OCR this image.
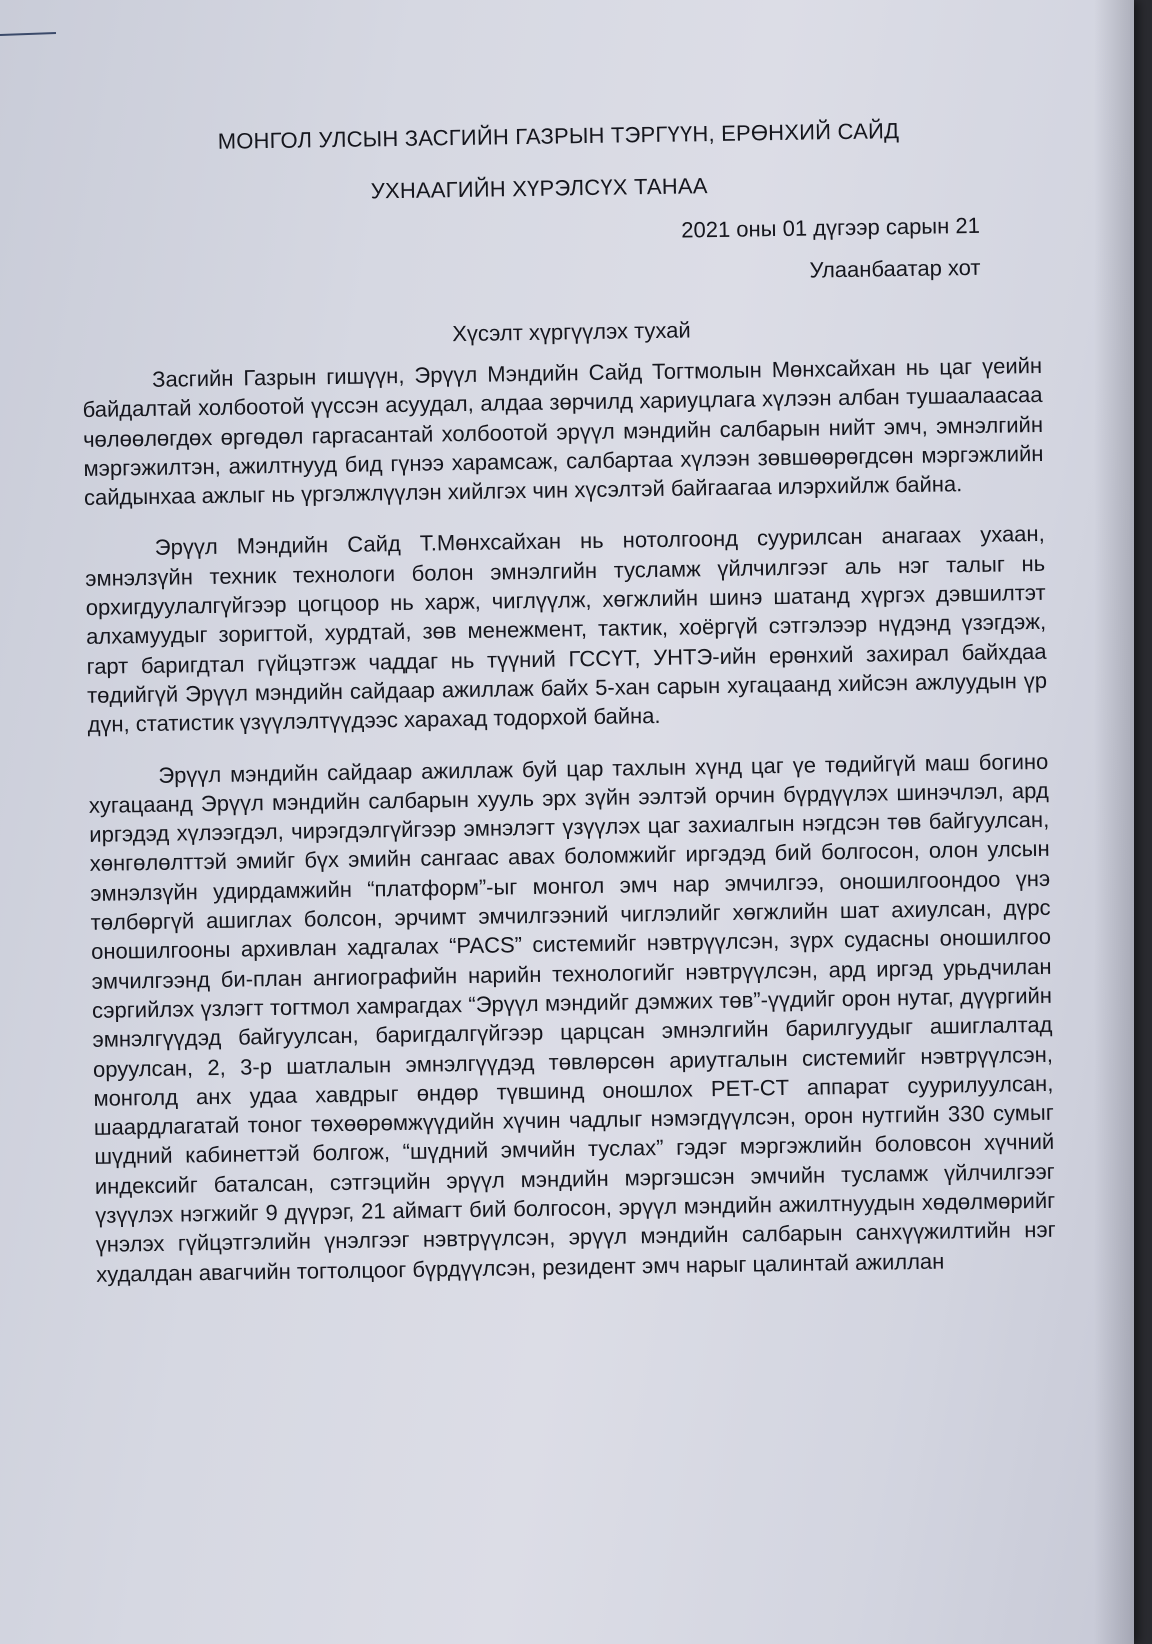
МОНГОЛ УЛСЫН ЗАСГИЙН ГАЗРЫН ТЭРГҮҮН, ЕРӨНХИЙ САЙД
УХНААГИЙН ХҮРЭЛСҮХ ТАНАА
2021 оны 01 дүгээр сарын 21
Улаанбаатар хот
Хүсэлт хүргүүлэх тухай

Засгийн Газрын гишүүн, Эрүүл Мэндийн Сайд Тогтмолын Мөнхсайхан нь цаг үеийн байдалтай холбоотой үүссэн асуудал, алдаа зөрчилд хариуцлага хүлээн албан тушаалаасаа чөлөөлөгдөх өргөдөл гаргасантай холбоотой эрүүл мэндийн салбарын нийт эмч, эмнэлгийн мэргэжилтэн, ажилтнууд бид гүнээ харамсаж, салбартаа хүлээн зөвшөөрөгдсөн мэргэжлийн сайдынхаа ажлыг нь үргэлжлүүлэн хийлгэх чин хүсэлтэй байгаагаа илэрхийлж байна.

Эрүүл Мэндийн Сайд Т.Мөнхсайхан нь нотолгоонд суурилсан анагаах ухаан, эмнэлзүйн техник технологи болон эмнэлгийн тусламж үйлчилгээг аль нэг талыг нь орхигдуулалгүйгээр цогцоор нь харж, чиглүүлж, хөгжлийн шинэ шатанд хүргэх дэвшилтэт алхамуудыг зоригтой, хурдтай, зөв менежмент, тактик, хоёргүй сэтгэлээр нүдэнд үзэгдэж, гарт баригдтал гүйцэтгэж чаддаг нь түүний ГССҮТ, УНТЭ-ийн ерөнхий захирал байхдаа төдийгүй Эрүүл мэндийн сайдаар ажиллаж байх 5-хан сарын хугацаанд хийсэн ажлуудын үр дүн, статистик үзүүлэлтүүдээс харахад тодорхой байна.

Эрүүл мэндийн сайдаар ажиллаж буй цар тахлын хүнд цаг үе төдийгүй маш богино хугацаанд Эрүүл мэндийн салбарын хууль эрх зүйн ээлтэй орчин бүрдүүлэх шинэчлэл, ард иргэдэд хүлээгдэл, чирэгдэлгүйгээр эмнэлэгт үзүүлэх цаг захиалгын нэгдсэн төв байгуулсан, хөнгөлөлттэй эмийг бүх эмийн сангаас авах боломжийг иргэдэд бий болгосон, олон улсын эмнэлзүйн удирдамжийн “платформ”-ыг монгол эмч нар эмчилгээ, оношилгоондоо үнэ төлбөргүй ашиглах болсон, эрчимт эмчилгээний чиглэлийг хөгжлийн шат ахиулсан, дүрс оношилгооны архивлан хадгалах “PACS” системийг нэвтрүүлсэн, зүрх судасны оношилгоо эмчилгээнд би-план ангиографийн нарийн технологийг нэвтрүүлсэн, ард иргэд урьдчилан сэргийлэх үзлэгт тогтмол хамрагдах “Эрүүл мэндийг дэмжих төв”-үүдийг орон нутаг, дүүргийн эмнэлгүүдэд байгуулсан, баригдалгүйгээр царцсан эмнэлгийн барилгуудыг ашиглалтад оруулсан, 2, 3-р шатлалын эмнэлгүүдэд төвлөрсөн ариутгалын системийг нэвтрүүлсэн, монголд анх удаа хавдрыг өндөр түвшинд оношлох PET-CT аппарат суурилуулсан, шаардлагатай тоног төхөөрөмжүүдийн хүчин чадлыг нэмэгдүүлсэн, орон нутгийн 330 сумыг шүдний кабинеттэй болгож, “шүдний эмчийн туслах” гэдэг мэргэжлийн боловсон хүчний индексийг баталсан, сэтгэцийн эрүүл мэндийн мэргэшсэн эмчийн тусламж үйлчилгээг үзүүлэх нэгжийг 9 дүүрэг, 21 аймагт бий болгосон, эрүүл мэндийн ажилтнуудын хөдөлмөрийг үнэлэх гүйцэтгэлийн үнэлгээг нэвтрүүлсэн, эрүүл мэндийн салбарын санхүүжилтийн нэг худалдан авагчийн тогтолцоог бүрдүүлсэн, резидент эмч нарыг цалинтай ажиллан
